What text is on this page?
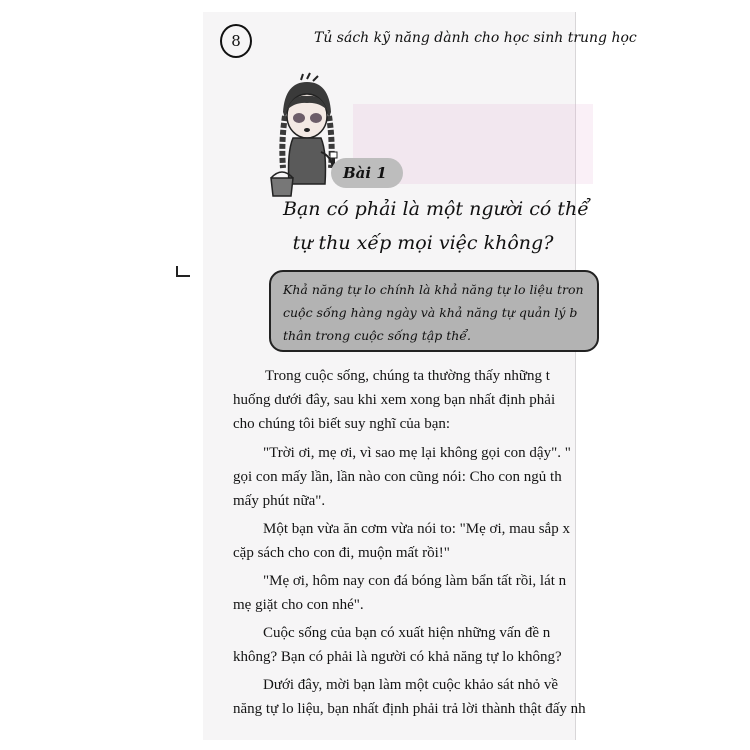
8	Tủ sách kỹ năng dành cho học sinh trung học
Bài 1
Bạn có phải là một người có thể
tự thu xếp mọi việc không?
Khả năng tự lo chính là khả năng tự lo liệu tron
cuộc sống hàng ngày và khả năng tự quản lý b
thân trong cuộc sống tập thể.
Trong cuộc sống, chúng ta thường thấy những t
huống dưới đây, sau khi xem xong bạn nhất định phải
cho chúng tôi biết suy nghĩ của bạn:
"Trời ơi, mẹ ơi, vì sao mẹ lại không gọi con dậy". "
gọi con mấy lần, lần nào con cũng nói: Cho con ngủ th
mấy phút nữa".
Một bạn vừa ăn cơm vừa nói to: "Mẹ ơi, mau sắp x
cặp sách cho con đi, muộn mất rồi!"
"Mẹ ơi, hôm nay con đá bóng làm bẩn tất rồi, lát n
mẹ giặt cho con nhé".
Cuộc sống của bạn có xuất hiện những vấn đề n
không? Bạn có phải là người có khả năng tự lo không?
Dưới đây, mời bạn làm một cuộc khảo sát nhỏ về
năng tự lo liệu, bạn nhất định phải trả lời thành thật đấy nh
